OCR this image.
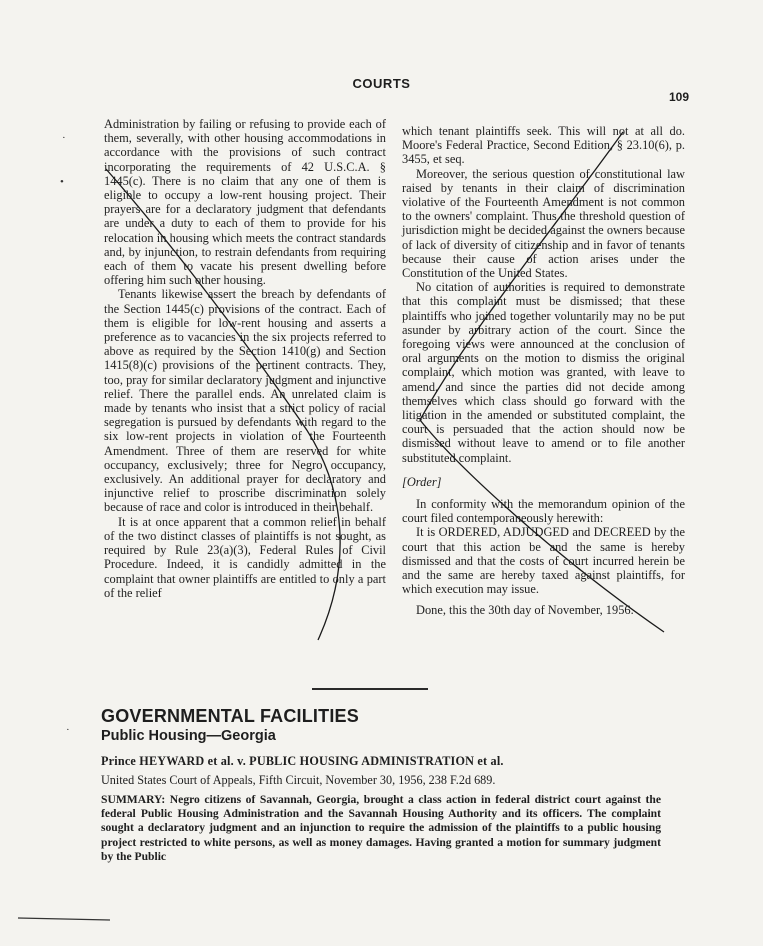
COURTS
109
·
•
·

Administration by failing or refusing to provide each of them, severally, with other housing accommodations in accordance with the provisions of such contract incorporating the requirements of 42 U.S.C.A. § 1445(c). There is no claim that any one of them is eligible to occupy a low-rent housing project. Their prayers are for a declaratory judgment that defendants are under a duty to each of them to provide for his relocation in housing which meets the contract standards and, by injunction, to restrain defendants from requiring each of them to vacate his present dwelling before offering him such other housing.

Tenants likewise assert the breach by defendants of the Section 1445(c) provisions of the contract. Each of them is eligible for low-rent housing and asserts a preference as to vacancies in the six projects referred to above as required by the Section 1410(g) and Section 1415(8)(c) provisions of the pertinent contracts. They, too, pray for similar declaratory judgment and injunctive relief. There the parallel ends. An unrelated claim is made by tenants who insist that a strict policy of racial segregation is pursued by defendants with regard to the six low-rent projects in violation of the Fourteenth Amendment. Three of them are reserved for white occupancy, exclusively; three for Negro occupancy, exclusively. An additional prayer for declaratory and injunctive relief to proscribe discrimination solely because of race and color is introduced in their behalf.

It is at once apparent that a common relief in behalf of the two distinct classes of plaintiffs is not sought, as required by Rule 23(a)(3), Federal Rules of Civil Procedure. Indeed, it is candidly admitted in the complaint that owner plaintiffs are entitled to only a part of the relief

which tenant plaintiffs seek. This will not at all do. Moore's Federal Practice, Second Edition, § 23.10(6), p. 3455, et seq.

Moreover, the serious question of constitutional law raised by tenants in their claim of discrimination violative of the Fourteenth Amendment is not common to the owners' complaint. Thus the threshold question of jurisdiction might be decided against the owners because of lack of diversity of citizenship and in favor of tenants because their cause of action arises under the Constitution of the United States.

No citation of authorities is required to demonstrate that this complaint must be dismissed; that these plaintiffs who joined together voluntarily may no be put asunder by arbitrary action of the court. Since the foregoing views were announced at the conclusion of oral arguments on the motion to dismiss the original complaint, which motion was granted, with leave to amend, and since the parties did not decide among themselves which class should go forward with the litigation in the amended or substituted complaint, the court is persuaded that the action should now be dismissed without leave to amend or to file another substituted complaint.

[Order]

In conformity with the memorandum opinion of the court filed contemporaneously herewith:

It is ORDERED, ADJUDGED and DECREED by the court that this action be and the same is hereby dismissed and that the costs of court incurred herein be and the same are hereby taxed against plaintiffs, for which execution may issue.

Done, this the 30th day of November, 1956.

GOVERNMENTAL FACILITIES
Public Housing—Georgia
Prince HEYWARD et al. v. PUBLIC HOUSING ADMINISTRATION et al.
United States Court of Appeals, Fifth Circuit, November 30, 1956, 238 F.2d 689.
SUMMARY: Negro citizens of Savannah, Georgia, brought a class action in federal district court against the federal Public Housing Administration and the Savannah Housing Authority and its officers. The complaint sought a declaratory judgment and an injunction to require the admission of the plaintiffs to a public housing project restricted to white persons, as well as money damages. Having granted a motion for summary judgment by the Public
